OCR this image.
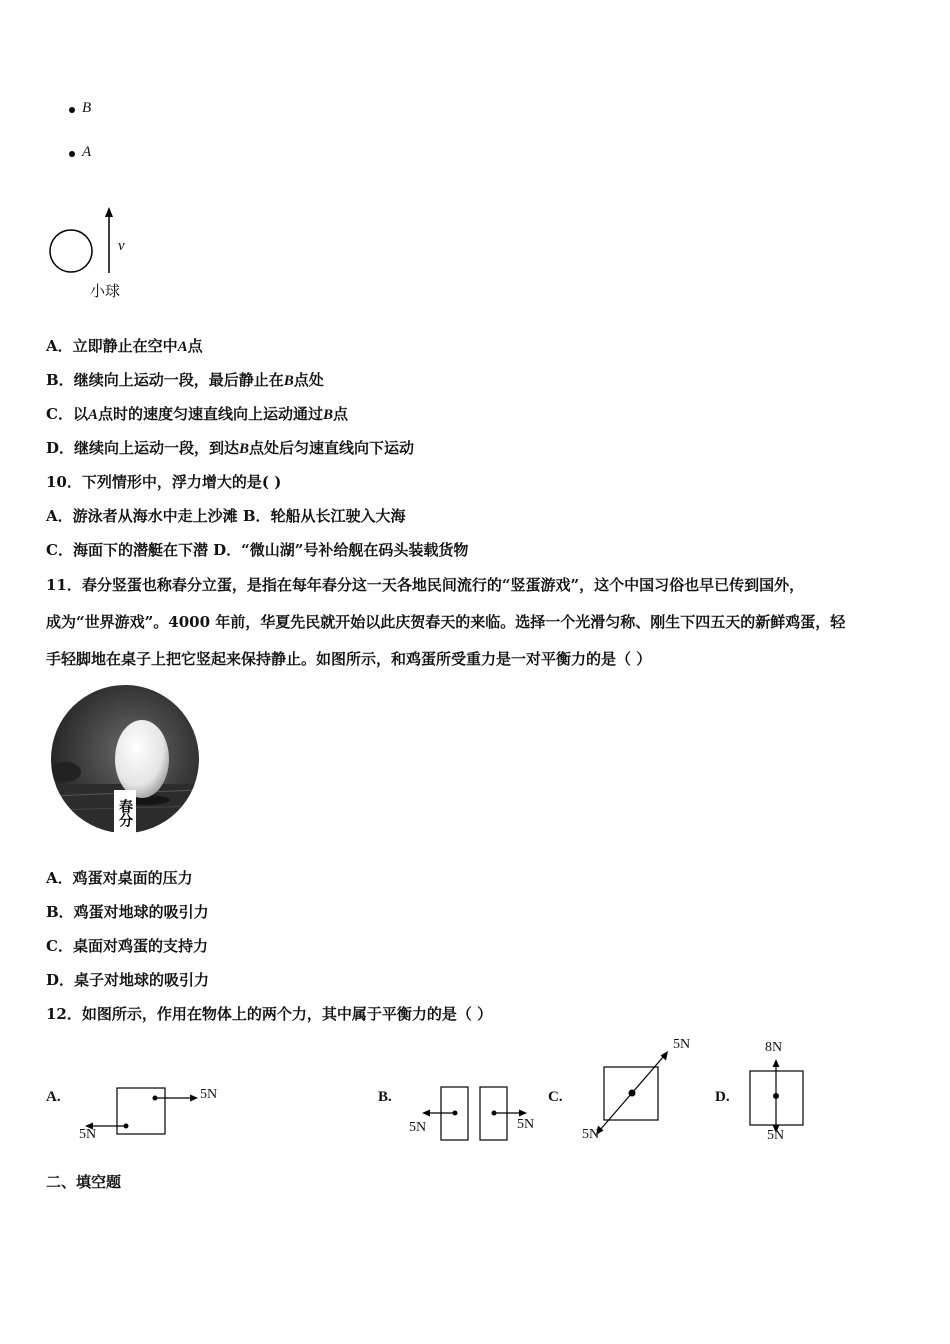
B
A
v
小球
A．立即静止在空中A点
B．继续向上运动一段，最后静止在B点处
C．以A点时的速度匀速直线向上运动通过B点
D．继续向上运动一段，到达B点处后匀速直线向下运动
10．下列情形中，浮力增大的是( )
A．游泳者从海水中走上沙滩 B．轮船从长江驶入大海
C．海面下的潜艇在下潜 D．“微山湖”号补给舰在码头装载货物
11．春分竖蛋也称春分立蛋，是指在每年春分这一天各地民间流行的“竖蛋游戏”，这个中国习俗也早已传到国外，
成为“世界游戏”。4000 年前，华夏先民就开始以此庆贺春天的来临。选择一个光滑匀称、刚生下四五天的新鲜鸡蛋，轻
手轻脚地在桌子上把它竖起来保持静止。如图所示，和鸡蛋所受重力是一对平衡力的是（ ）
春分
A．鸡蛋对桌面的压力
B．鸡蛋对地球的吸引力
C．桌面对鸡蛋的支持力
D．桌子对地球的吸引力
12．如图所示，作用在物体上的两个力，其中属于平衡力的是（ ）
A.	B.	C.	D.
5N
5N	5N	5N
5N
5N
8N
5N
二、填空题
